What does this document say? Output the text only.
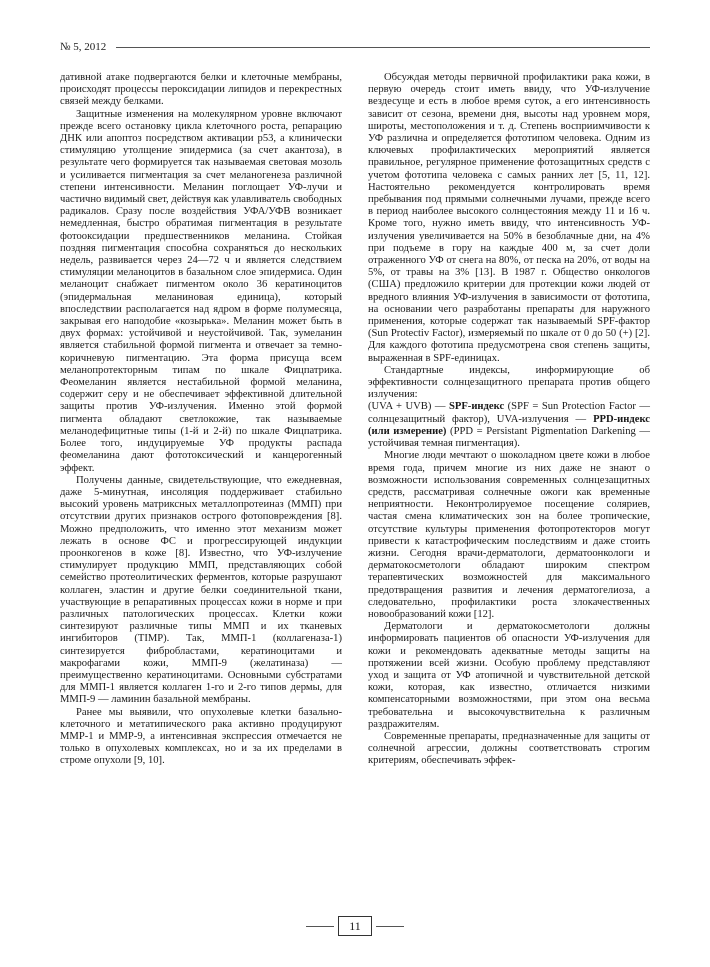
№ 5, 2012

дативной атаке подвергаются белки и клеточные мембраны, происходят процессы пероксидации липидов и перекрестных связей между белками.

Защитные изменения на молекулярном уровне включают прежде всего остановку цикла клеточного роста, репарацию ДНК или апоптоз посредством активации p53, а клинически стимуляцию утолщение эпидермиса (за счет акантоза), в результате чего формируется так называемая световая мозоль и усиливается пигментация за счет меланогенеза различной степени интенсивности. Меланин поглощает УФ-лучи и частично видимый свет, действуя как улавливатель свободных радикалов. Сразу после воздействия УФА/УФВ возникает немедленная, быстро обратимая пигментация в результате фотооксидации предшественников меланина. Стойкая поздняя пигментация способна сохраняться до нескольких недель, развивается через 24—72 ч и является следствием стимуляции меланоцитов в базальном слое эпидермиса. Один меланоцит снабжает пигментом около 36 кератиноцитов (эпидермальная меланиновая единица), который впоследствии располагается над ядром в форме полумесяца, закрывая его наподобие «козырька». Меланин может быть в двух формах: устойчивой и неустойчивой. Так, эумеланин является стабильной формой пигмента и отвечает за темно-коричневую пигментацию. Эта форма присуща всем меланопротекторным типам по шкале Фицпатрика. Феомеланин является нестабильной формой меланина, содержит серу и не обеспечивает эффективной длительной защиты против УФ-излучения. Именно этой формой пигмента обладают светлокожие, так называемые меланодефицитные типы (1-й и 2-й) по шкале Фицпатрика. Более того, индуцируемые УФ продукты распада феомеланина дают фототоксический и канцерогенный эффект.

Получены данные, свидетельствующие, что ежедневная, даже 5-минутная, инсоляция поддерживает стабильно высокий уровень матриксных металлопротеиназ (ММП) при отсутствии других признаков острого фотоповреждения [8]. Можно предположить, что именно этот механизм может лежать в основе ФС и прогрессирующей индукции проонкогенов в коже [8]. Известно, что УФ-излучение стимулирует продукцию ММП, представляющих собой семейство протеолитических ферментов, которые разрушают коллаген, эластин и другие белки соединительной ткани, участвующие в репаративных процессах кожи в норме и при различных патологических процессах. Клетки кожи синтезируют различные типы ММП и их тканевых ингибиторов (TIMP). Так, ММП-1 (коллагеназа-1) синтезируется фибробластами, кератиноцитами и макрофагами кожи, ММП-9 (желатиназа) — преимущественно кератиноцитами. Основными субстратами для ММП-1 является коллаген 1-го и 2-го типов дермы, для ММП-9 — ламинин базальной мембраны.

Ранее мы выявили, что опухолевые клетки базально-клеточного и метатипического рака активно продуцируют MMP-1 и MMP-9, а интенсивная экспрессия отмечается не только в опухолевых комплексах, но и за их пределами в строме опухоли [9, 10].

Обсуждая методы первичной профилактики рака кожи, в первую очередь стоит иметь ввиду, что УФ-излучение вездесуще и есть в любое время суток, а его интенсивность зависит от сезона, времени дня, высоты над уровнем моря, широты, местоположения и т. д. Степень восприимчивости к УФ различна и определяется фототипом человека. Одним из ключевых профилактических мероприятий является правильное, регулярное применение фотозащитных средств с учетом фототипа человека с самых ранних лет [5, 11, 12]. Настоятельно рекомендуется контролировать время пребывания под прямыми солнечными лучами, прежде всего в период наиболее высокого солнцестояния между 11 и 16 ч. Кроме того, нужно иметь ввиду, что интенсивность УФ-излучения увеличивается на 50% в безоблачные дни, на 4% при подъеме в гору на каждые 400 м, за счет доли отраженного УФ от снега на 80%, от песка на 20%, от воды на 5%, от травы на 3% [13]. В 1987 г. Общество онкологов (США) предложило критерии для протекции кожи людей от вредного влияния УФ-излучения в зависимости от фототипа, на основании чего разработаны препараты для наружного применения, которые содержат так называемый SPF-фактор (Sun Protectiv Factor), измеряемый по шкале от 0 до 50 (+) [2]. Для каждого фототипа предусмотрена своя степень защиты, выраженная в SPF-единицах.

Стандартные индексы, информирующие об эффективности солнцезащитного препарата против общего излучения:

(UVA + UVB) — SPF-индекс (SPF = Sun Protection Factor — солнцезащитный фактор), UVA-излучения — PPD-индекс (или измерение) (PPD = Persistant Pigmentation Darkening — устойчивая темная пигментация).

Многие люди мечтают о шоколадном цвете кожи в любое время года, причем многие из них даже не знают о возможности использования современных солнцезащитных средств, рассматривая солнечные ожоги как временные неприятности. Неконтролируемое посещение соляриев, частая смена климатических зон на более тропические, отсутствие культуры применения фотопротекторов могут привести к катастрофическим последствиям и даже стоить жизни. Сегодня врачи-дерматологи, дерматоонкологи и дерматокосметологи обладают широким спектром терапевтических возможностей для максимального предотвращения развития и лечения дерматогелиоза, а следовательно, профилактики роста злокачественных новообразований кожи [12].

Дерматологи и дерматокосметологи должны информировать пациентов об опасности УФ-излучения для кожи и рекомендовать адекватные методы защиты на протяжении всей жизни. Особую проблему представляют уход и защита от УФ атопичной и чувствительной детской кожи, которая, как известно, отличается низкими компенсаторными возможностями, при этом она весьма требовательна и высокочувствительна к различным раздражителям.

Современные препараты, предназначенные для защиты от солнечной агрессии, должны соответствовать строгим критериям, обеспечивать эффек-

11
